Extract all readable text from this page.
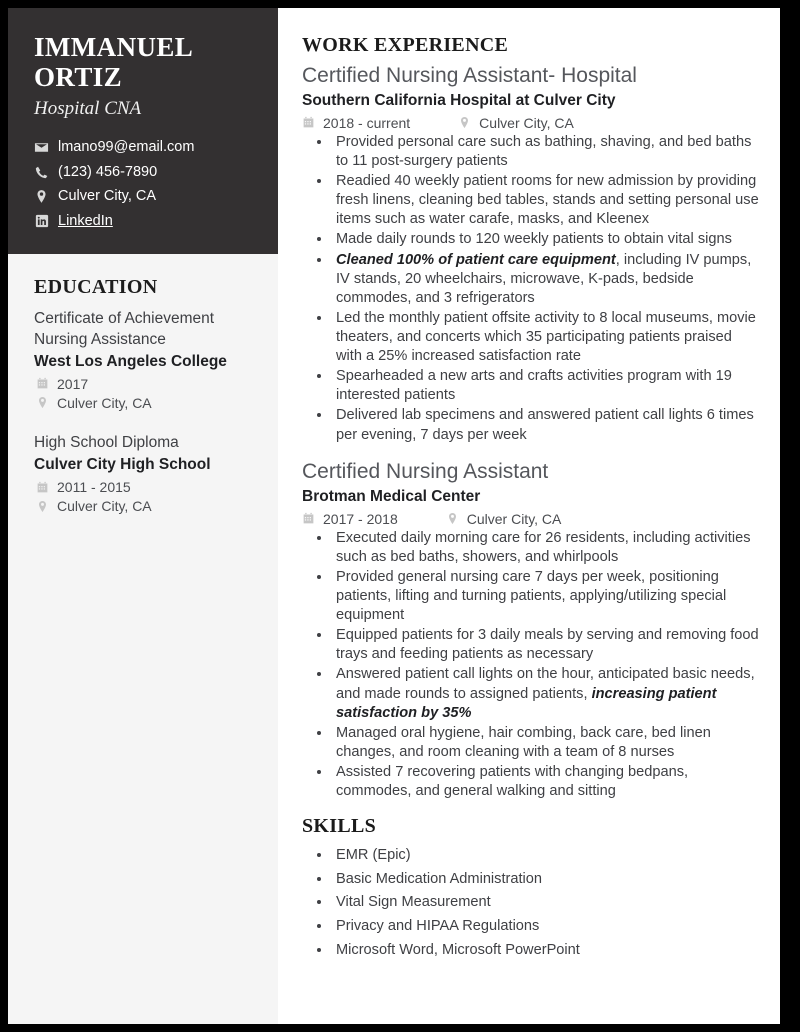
IMMANUEL ORTIZ
Hospital CNA
lmano99@email.com
(123) 456-7890
Culver City, CA
LinkedIn
EDUCATION
Certificate of Achievement Nursing Assistance
West Los Angeles College
2017
Culver City, CA
High School Diploma
Culver City High School
2011 - 2015
Culver City, CA
WORK EXPERIENCE
Certified Nursing Assistant- Hospital
Southern California Hospital at Culver City
2018 - current	Culver City, CA
• Provided personal care such as bathing, shaving, and bed baths to 11 post-surgery patients
• Readied 40 weekly patient rooms for new admission by providing fresh linens, cleaning bed tables, stands and setting personal use items such as water carafe, masks, and Kleenex
• Made daily rounds to 120 weekly patients to obtain vital signs
• Cleaned 100% of patient care equipment, including IV pumps, IV stands, 20 wheelchairs, microwave, K-pads, bedside commodes, and 3 refrigerators
• Led the monthly patient offsite activity to 8 local museums, movie theaters, and concerts which 35 participating patients praised with a 25% increased satisfaction rate
• Spearheaded a new arts and crafts activities program with 19 interested patients
• Delivered lab specimens and answered patient call lights 6 times per evening, 7 days per week
Certified Nursing Assistant
Brotman Medical Center
2017 - 2018	Culver City, CA
• Executed daily morning care for 26 residents, including activities such as bed baths, showers, and whirlpools
• Provided general nursing care 7 days per week, positioning patients, lifting and turning patients, applying/utilizing special equipment
• Equipped patients for 3 daily meals by serving and removing food trays and feeding patients as necessary
• Answered patient call lights on the hour, anticipated basic needs, and made rounds to assigned patients, increasing patient satisfaction by 35%
• Managed oral hygiene, hair combing, back care, bed linen changes, and room cleaning with a team of 8 nurses
• Assisted 7 recovering patients with changing bedpans, commodes, and general walking and sitting
SKILLS
• EMR (Epic)
• Basic Medication Administration
• Vital Sign Measurement
• Privacy and HIPAA Regulations
• Microsoft Word, Microsoft PowerPoint
